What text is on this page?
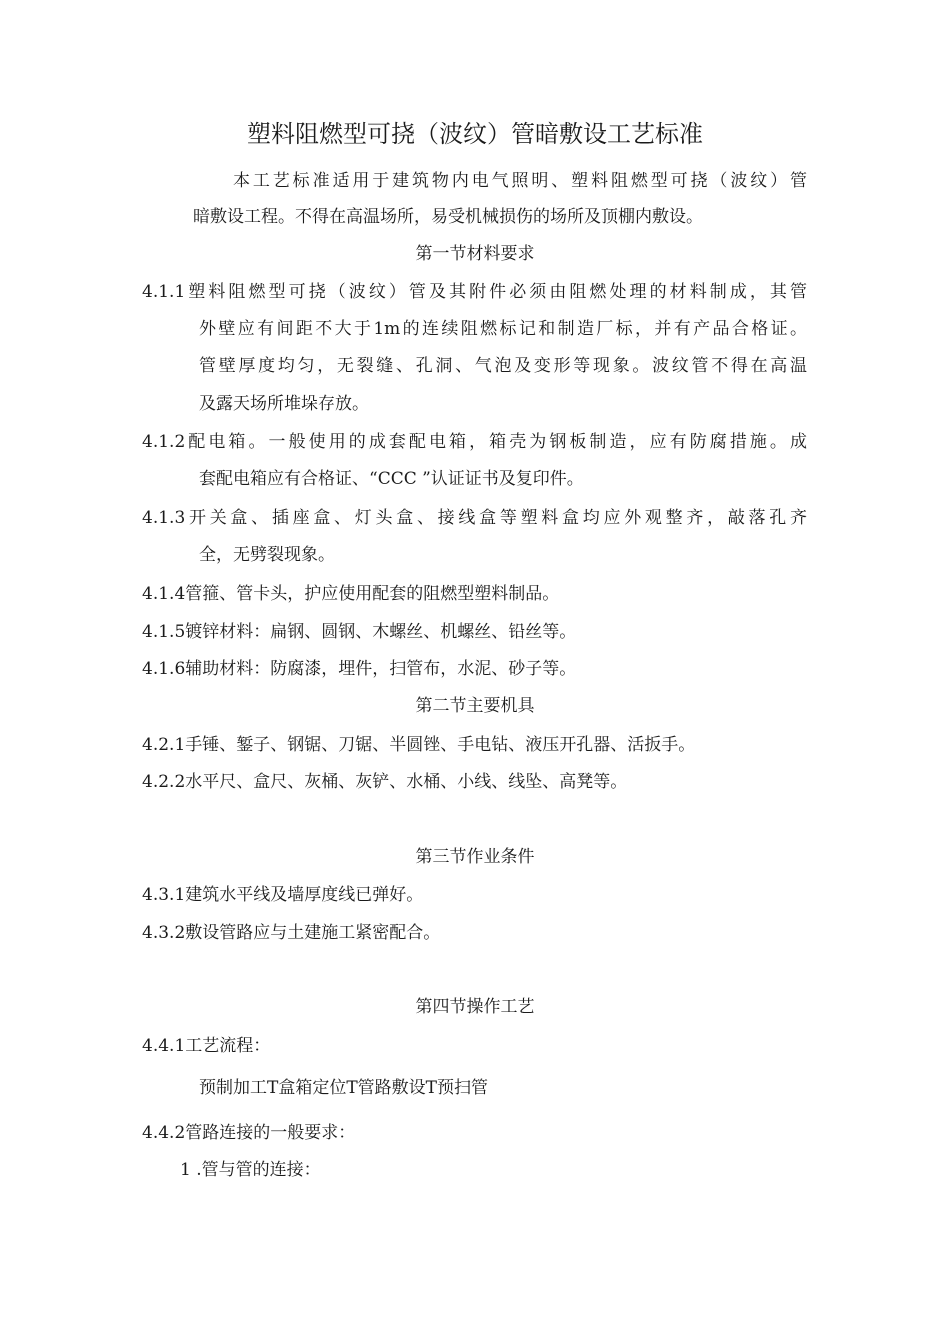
塑料阻燃型可挠（波纹）管暗敷设工艺标准
本工艺标准适用于建筑物内电气照明、塑料阻燃型可挠（波纹）管
暗敷设工程。不得在高温场所，易受机械损伤的场所及顶棚内敷设。
第一节材料要求
4.1.1塑料阻燃型可挠（波纹）管及其附件必须由阻燃处理的材料制成，其管
外壁应有间距不大于1m的连续阻燃标记和制造厂标，并有产品合格证。
管壁厚度均匀，无裂缝、孔洞、气泡及变形等现象。波纹管不得在高温
及露天场所堆垛存放。
4.1.2配电箱。一般使用的成套配电箱，箱壳为钢板制造，应有防腐措施。成
套配电箱应有合格证、“CCC ”认证证书及复印件。
4.1.3开关盒、插座盒、灯头盒、接线盒等塑料盒均应外观整齐，敲落孔齐
全，无劈裂现象。
4.1.4管箍、管卡头，护应使用配套的阻燃型塑料制品。
4.1.5镀锌材料：扁钢、圆钢、木螺丝、机螺丝、铅丝等。
4.1.6辅助材料：防腐漆，埋件，扫管布，水泥、砂子等。
第二节主要机具
4.2.1手锤、錾子、钢锯、刀锯、半圆锉、手电钻、液压开孔器、活扳手。
4.2.2水平尺、盒尺、灰桶、灰铲、水桶、小线、线坠、高凳等。
第三节作业条件
4.3.1建筑水平线及墙厚度线已弹好。
4.3.2敷设管路应与土建施工紧密配合。
第四节操作工艺
4.4.1工艺流程：
预制加工T盒箱定位T管路敷设T预扫管
4.4.2管路连接的一般要求：
1 .管与管的连接：
